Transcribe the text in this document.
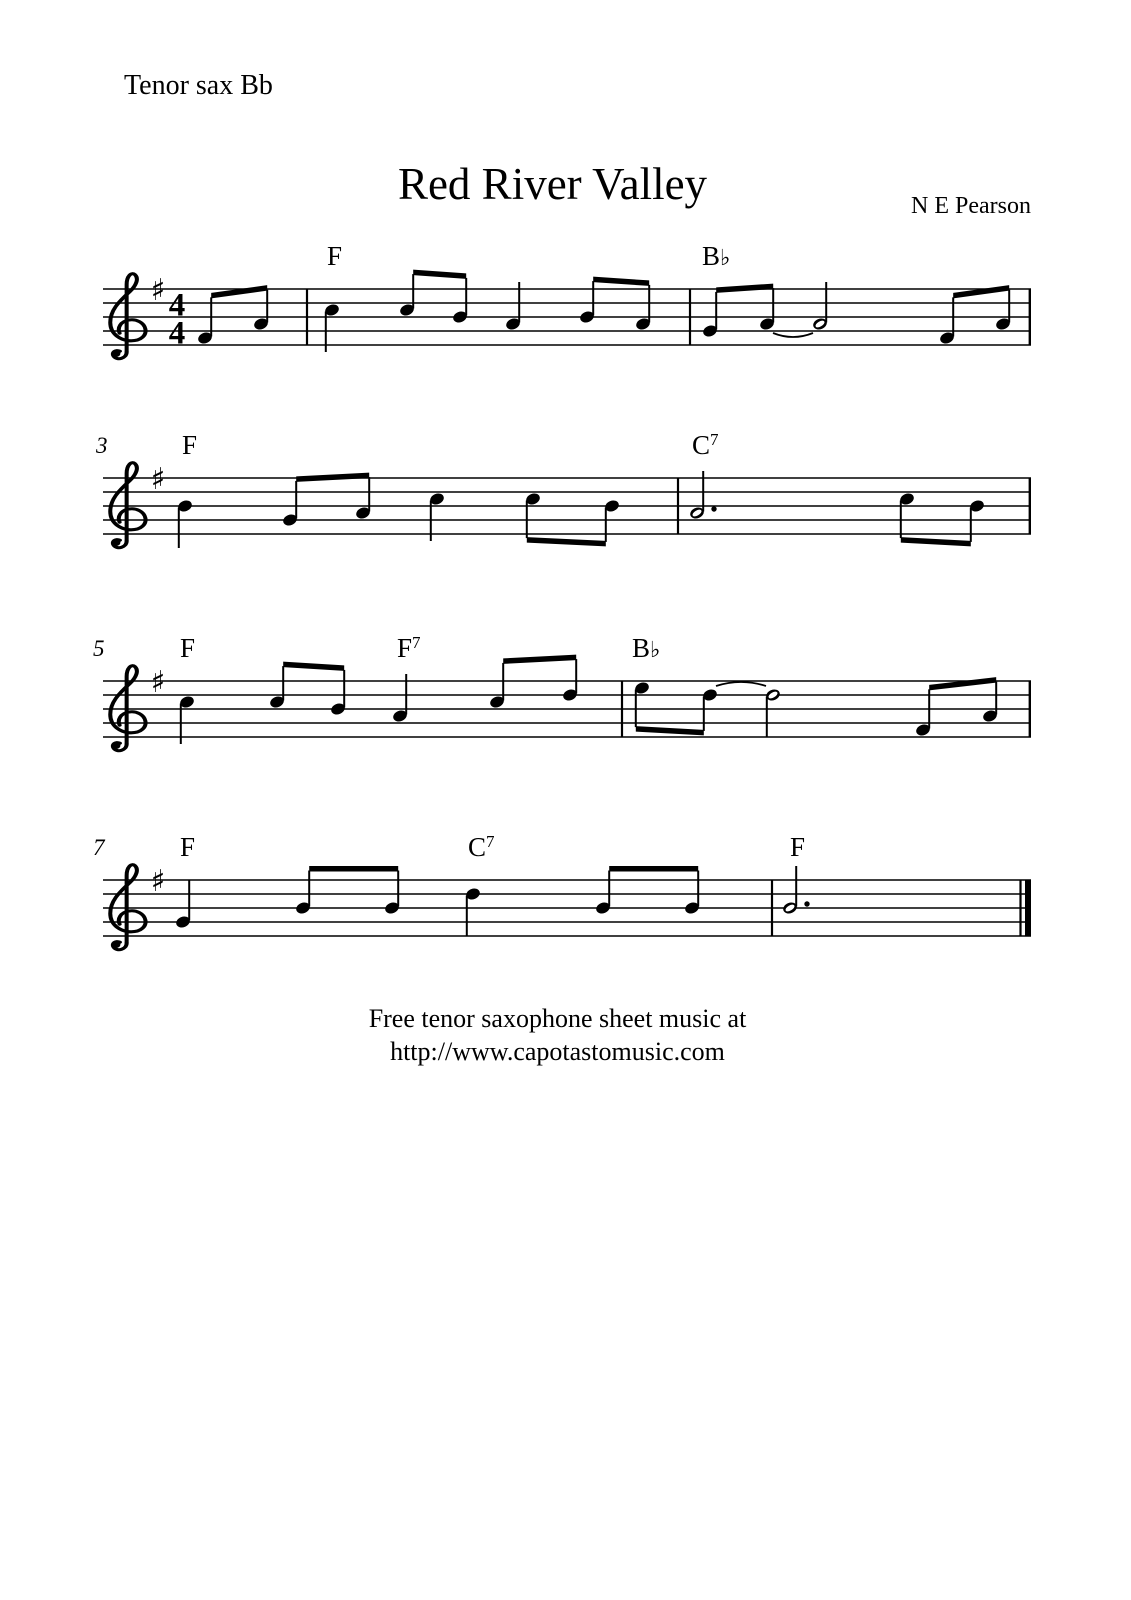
Tenor sax Bb
Red River Valley	N E Pearson
♯ 4
4
♯
♯
♯
F	B♭
F	$C^7$
3
F	$F^7$	B♭
5
F	$C^7$	F
7
Free tenor saxophone sheet music at
http://www.capotastomusic.com
